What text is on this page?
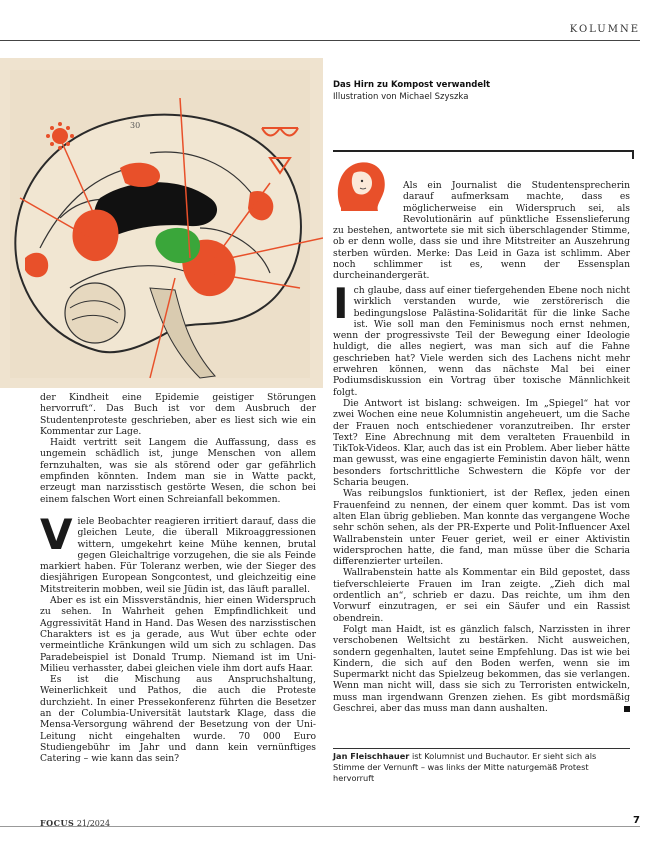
KOLUMNE
30
Das Hirn zu Kompost verwandelt
Illustration von Michael Szyszka

Als ein Journalist die Studentensprecherin darauf aufmerksam machte, dass es möglicherweise ein Widerspruch sei, als Revolutionärin auf pünktliche Essenslieferung zu bestehen, antwortete sie mit sich überschlagender Stimme, ob er denn wolle, dass sie und ihre Mitstreiter an Auszehrung sterben würden. Merke: Das Leid in Gaza ist schlimm. Aber noch schlimmer ist es, wenn der Essensplan durcheinandergerät.

der Kindheit eine Epidemie geistiger Störungen hervorruft“. Das Buch ist vor dem Ausbruch der Studentenproteste geschrieben, aber es liest sich wie ein Kommentar zur Lage.

Haidt vertritt seit Langem die Auffassung, dass es ungemein schädlich ist, junge Menschen von allem fernzuhalten, was sie als störend oder gar gefährlich empfinden könnten. Indem man sie in Watte packt, erzeugt man narzisstisch gestörte Wesen, die schon bei einem falschen Wort einen Schreianfall bekommen.

Viele Beobachter reagieren irritiert darauf, dass die gleichen Leute, die überall Mikroaggressionen wittern, umgekehrt keine Mühe kennen, brutal gegen Gleichaltrige vorzugehen, die sie als Feinde markiert haben. Für Toleranz werben, wie der Sieger des diesjährigen European Songcontest, und gleichzeitig eine Mitstreiterin mobben, weil sie Jüdin ist, das läuft parallel.

Aber es ist ein Missverständnis, hier einen Widerspruch zu sehen. In Wahrheit gehen Empfindlichkeit und Aggressivität Hand in Hand. Das Wesen des narzisstischen Charakters ist es ja gerade, aus Wut über echte oder vermeintliche Kränkungen wild um sich zu schlagen. Das Paradebeispiel ist Donald Trump. Niemand ist im Uni-Milieu verhasster, dabei gleichen viele ihm dort aufs Haar.

Es ist die Mischung aus Anspruchshaltung, Weinerlichkeit und Pathos, die auch die Proteste durchzieht. In einer Pressekonferenz führten die Besetzer an der Columbia-Universität lautstark Klage, dass die Mensa-Versorgung während der Besetzung von der Uni-Leitung nicht eingehalten wurde. 70 000 Euro Studiengebühr im Jahr und dann kein vernünftiges Catering – wie kann das sein?

Ich glaube, dass auf einer tiefergehenden Ebene noch nicht wirklich verstanden wurde, wie zerstörerisch die bedingungslose Palästina-Solidarität für die linke Sache ist. Wie soll man den Feminismus noch ernst nehmen, wenn der progressivste Teil der Bewegung einer Ideologie huldigt, die alles negiert, was man sich auf die Fahne geschrieben hat? Viele werden sich des Lachens nicht mehr erwehren können, wenn das nächste Mal bei einer Podiumsdiskussion ein Vortrag über toxische Männlichkeit folgt.

Die Antwort ist bislang: schweigen. Im „Spiegel“ hat vor zwei Wochen eine neue Kolumnistin angeheuert, um die Sache der Frauen noch entschiedener voranzutreiben. Ihr erster Text? Eine Abrechnung mit dem veralteten Frauenbild in TikTok-Videos. Klar, auch das ist ein Problem. Aber lieber hätte man gewusst, was eine engagierte Feministin davon hält, wenn besonders fortschrittliche Schwestern die Köpfe vor der Scharia beugen.

Was reibungslos funktioniert, ist der Reflex, jeden einen Frauenfeind zu nennen, der einem quer kommt. Das ist vom alten Elan übrig geblieben. Man konnte das vergangene Woche sehr schön sehen, als der PR-Experte und Polit-Influencer Axel Wallrabenstein unter Feuer geriet, weil er einer Aktivistin widersprochen hatte, die fand, man müsse über die Scharia differenzierter urteilen.

Wallrabenstein hatte als Kommentar ein Bild gepostet, dass tiefverschleierte Frauen im Iran zeigte. „Zieh dich mal ordentlich an“, schrieb er dazu. Das reichte, um ihm den Vorwurf einzutragen, er sei ein Säufer und ein Rassist obendrein.

Folgt man Haidt, ist es gänzlich falsch, Narzissten in ihrer verschobenen Weltsicht zu bestärken. Nicht ausweichen, sondern gegenhalten, lautet seine Empfehlung. Das ist wie bei Kindern, die sich auf den Boden werfen, wenn sie im Supermarkt nicht das Spielzeug bekommen, das sie verlangen. Wenn man nicht will, dass sie sich zu Terroristen entwickeln, muss man irgendwann Grenzen ziehen. Es gibt mordsmäßig Geschrei, aber das muss man dann aushalten.

Jan Fleischhauer ist Kolumnist und Buchautor. Er sieht sich als Stimme der Vernunft – was links der Mitte naturgemäß Protest hervorruft
FOCUS 21/2024	7
